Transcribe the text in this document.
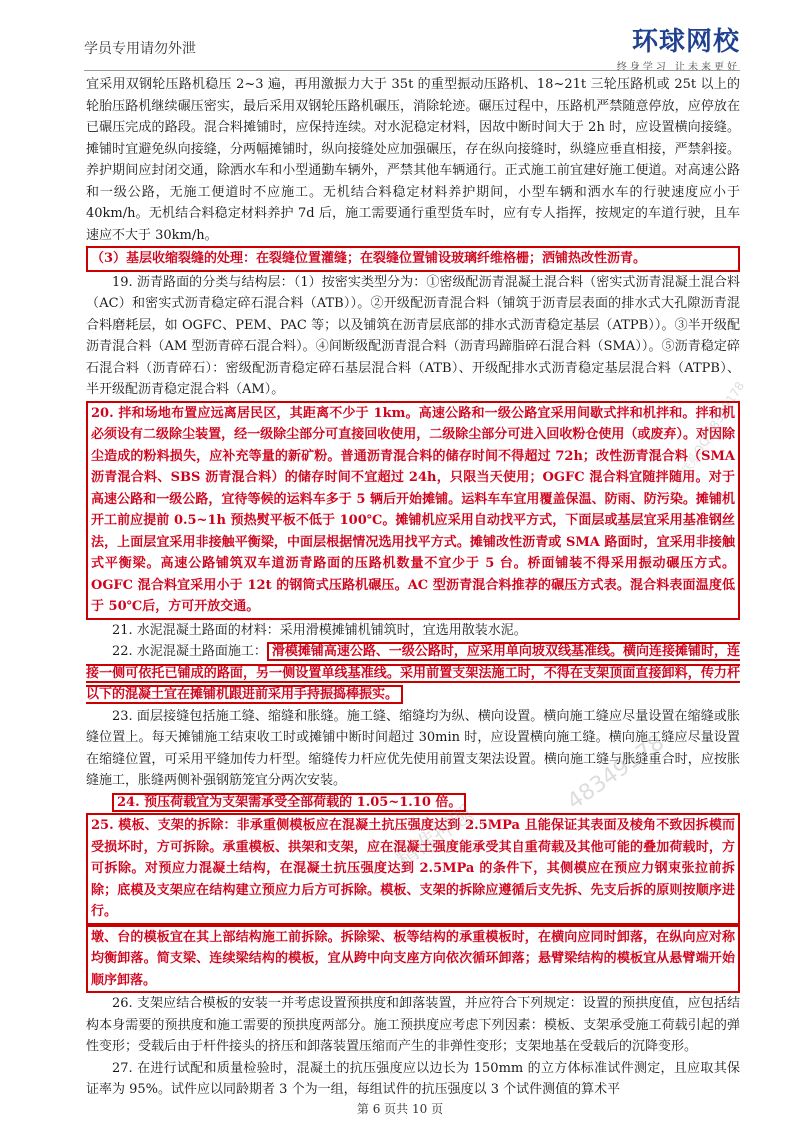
学员专用请勿外泄	环球网校
终身学习 让未来更好

宜采用双钢轮压路机稳压 2~3 遍，再用激振力大于 35t 的重型振动压路机、18~21t 三轮压路机或 25t 以上的轮胎压路机继续碾压密实，最后采用双钢轮压路机碾压，消除轮迹。碾压过程中，压路机严禁随意停放，应停放在已碾压完成的路段。混合料摊铺时，应保持连续。对水泥稳定材料，因故中断时间大于 2h 时，应设置横向接缝。摊铺时宜避免纵向接缝，分两幅摊铺时，纵向接缝处应加强碾压，存在纵向接缝时，纵缝应垂直相接，严禁斜接。养护期间应封闭交通，除洒水车和小型通勤车辆外，严禁其他车辆通行。正式施工前宜建好施工便道。对高速公路和一级公路，无施工便道时不应施工。无机结合料稳定材料养护期间，小型车辆和洒水车的行驶速度应小于 40km/h。无机结合料稳定材料养护 7d 后，施工需要通行重型货车时，应有专人指挥，按规定的车道行驶，且车速应不大于 30km/h。

（3）基层收缩裂缝的处理：在裂缝位置灌缝；在裂缝位置铺设玻璃纤维格栅；洒铺热改性沥青。

19. 沥青路面的分类与结构层：（1）按密实类型分为：①密级配沥青混凝土混合料（密实式沥青混凝土混合料（AC）和密实式沥青稳定碎石混合料（ATB））。②开级配沥青混合料（铺筑于沥青层表面的排水式大孔隙沥青混合料磨耗层，如 OGFC、PEM、PAC 等；以及铺筑在沥青层底部的排水式沥青稳定基层（ATPB））。③半开级配沥青混合料（AM 型沥青碎石混合料）。④间断级配沥青混合料（沥青玛蹄脂碎石混合料（SMA））。⑤沥青稳定碎石混合料（沥青碎石）：密级配沥青稳定碎石基层混合料（ATB）、开级配排水式沥青稳定基层混合料（ATPB）、半开级配沥青稳定混合料（AM）。

20. 拌和场地布置应远离居民区，其距离不少于 1km。高速公路和一级公路宜采用间歇式拌和机拌和。拌和机必须设有二级除尘装置，经一级除尘部分可直接回收使用，二级除尘部分可进入回收粉仓使用（或废弃）。对因除尘造成的粉料损失，应补充等量的新矿粉。普通沥青混合料的储存时间不得超过 72h；改性沥青混合料（SMA 沥青混合料、SBS 沥青混合料）的储存时间不宜超过 24h，只限当天使用；OGFC 混合料宜随拌随用。对于高速公路和一级公路，宜待等候的运料车多于 5 辆后开始摊铺。运料车车宜用覆盖保温、防雨、防污染。摊铺机开工前应提前 0.5~1h 预热熨平板不低于 100℃。摊铺机应采用自动找平方式，下面层或基层宜采用基准钢丝法，上面层宜采用非接触平衡梁，中面层根据情况选用找平方式。摊铺改性沥青或 SMA 路面时，宜采用非接触式平衡梁。高速公路铺筑双车道沥青路面的压路机数量不宜少于 5 台。桥面铺装不得采用振动碾压方式。OGFC 混合料宜采用小于 12t 的钢筒式压路机碾压。AC 型沥青混合料推荐的碾压方式表。混合料表面温度低于 50℃后，方可开放交通。

21. 水泥混凝土路面的材料：采用滑模摊铺机铺筑时，宜选用散装水泥。

22. 水泥混凝土路面施工： 滑模摊铺高速公路、一级公路时，应采用单向坡双线基准线。横向连接摊铺时，连接一侧可依托已铺成的路面，另一侧设置单线基准线。采用前置支架法施工时，不得在支架顶面直接卸料，传力杆以下的混凝土宜在摊铺机跟进前采用手持振捣棒振实。

23. 面层接缝包括施工缝、缩缝和胀缝。施工缝、缩缝均为纵、横向设置。横向施工缝应尽量设置在缩缝或胀缝位置上。每天摊铺施工结束收工时或摊铺中断时间超过 30min 时，应设置横向施工缝。横向施工缝应尽量设置在缩缝位置，可采用平缝加传力杆型。缩缝传力杆应优先使用前置支架法设置。横向施工缝与胀缝重合时，应按胀缝施工，胀缝两侧补强钢筋笼宜分两次安装。

24. 预压荷载宜为支架需承受全部荷载的 1.05~1.10 倍。

25. 模板、支架的拆除：非承重侧模板应在混凝土抗压强度达到 2.5MPa 且能保证其表面及棱角不致因拆模而受损坏时，方可拆除。承重模板、拱架和支架，应在混凝土强度能承受其自重荷载及其他可能的叠加荷载时，方可拆除。对预应力混凝土结构，在混凝土抗压强度达到 2.5MPa 的条件下，其侧模应在预应力钢束张拉前拆除；底模及支架应在结构建立预应力后方可拆除。模板、支架的拆除应遵循后支先拆、先支后拆的原则按顺序进行。

墩、台的模板宜在其上部结构施工前拆除。拆除梁、板等结构的承重模板时，在横向应同时卸落，在纵向应对称均衡卸落。简支梁、连续梁结构的模板，宜从跨中向支座方向依次循环卸落；悬臂梁结构的模板宜从悬臂端开始顺序卸落。

26. 支架应结合模板的安装一并考虑设置预拱度和卸落装置，并应符合下列规定：设置的预拱度值，应包括结构本身需要的预拱度和施工需要的预拱度两部分。施工预拱度应考虑下列因素：模板、支架承受施工荷载引起的弹性变形；受载后由于杆件接头的挤压和卸落装置压缩而产生的非弹性变形；支架地基在受载后的沉降变形。

27. 在进行试配和质量检验时，混凝土的抗压强度应以边长为 150mm 的立方体标准试件测定，且应取其保证率为 95%。试件应以同龄期者 3 个为一组，每组试件的抗压强度以 3 个试件测值的算术平

第 6 页共 10 页
——联系QQ 48349178
48349178
精准押题
